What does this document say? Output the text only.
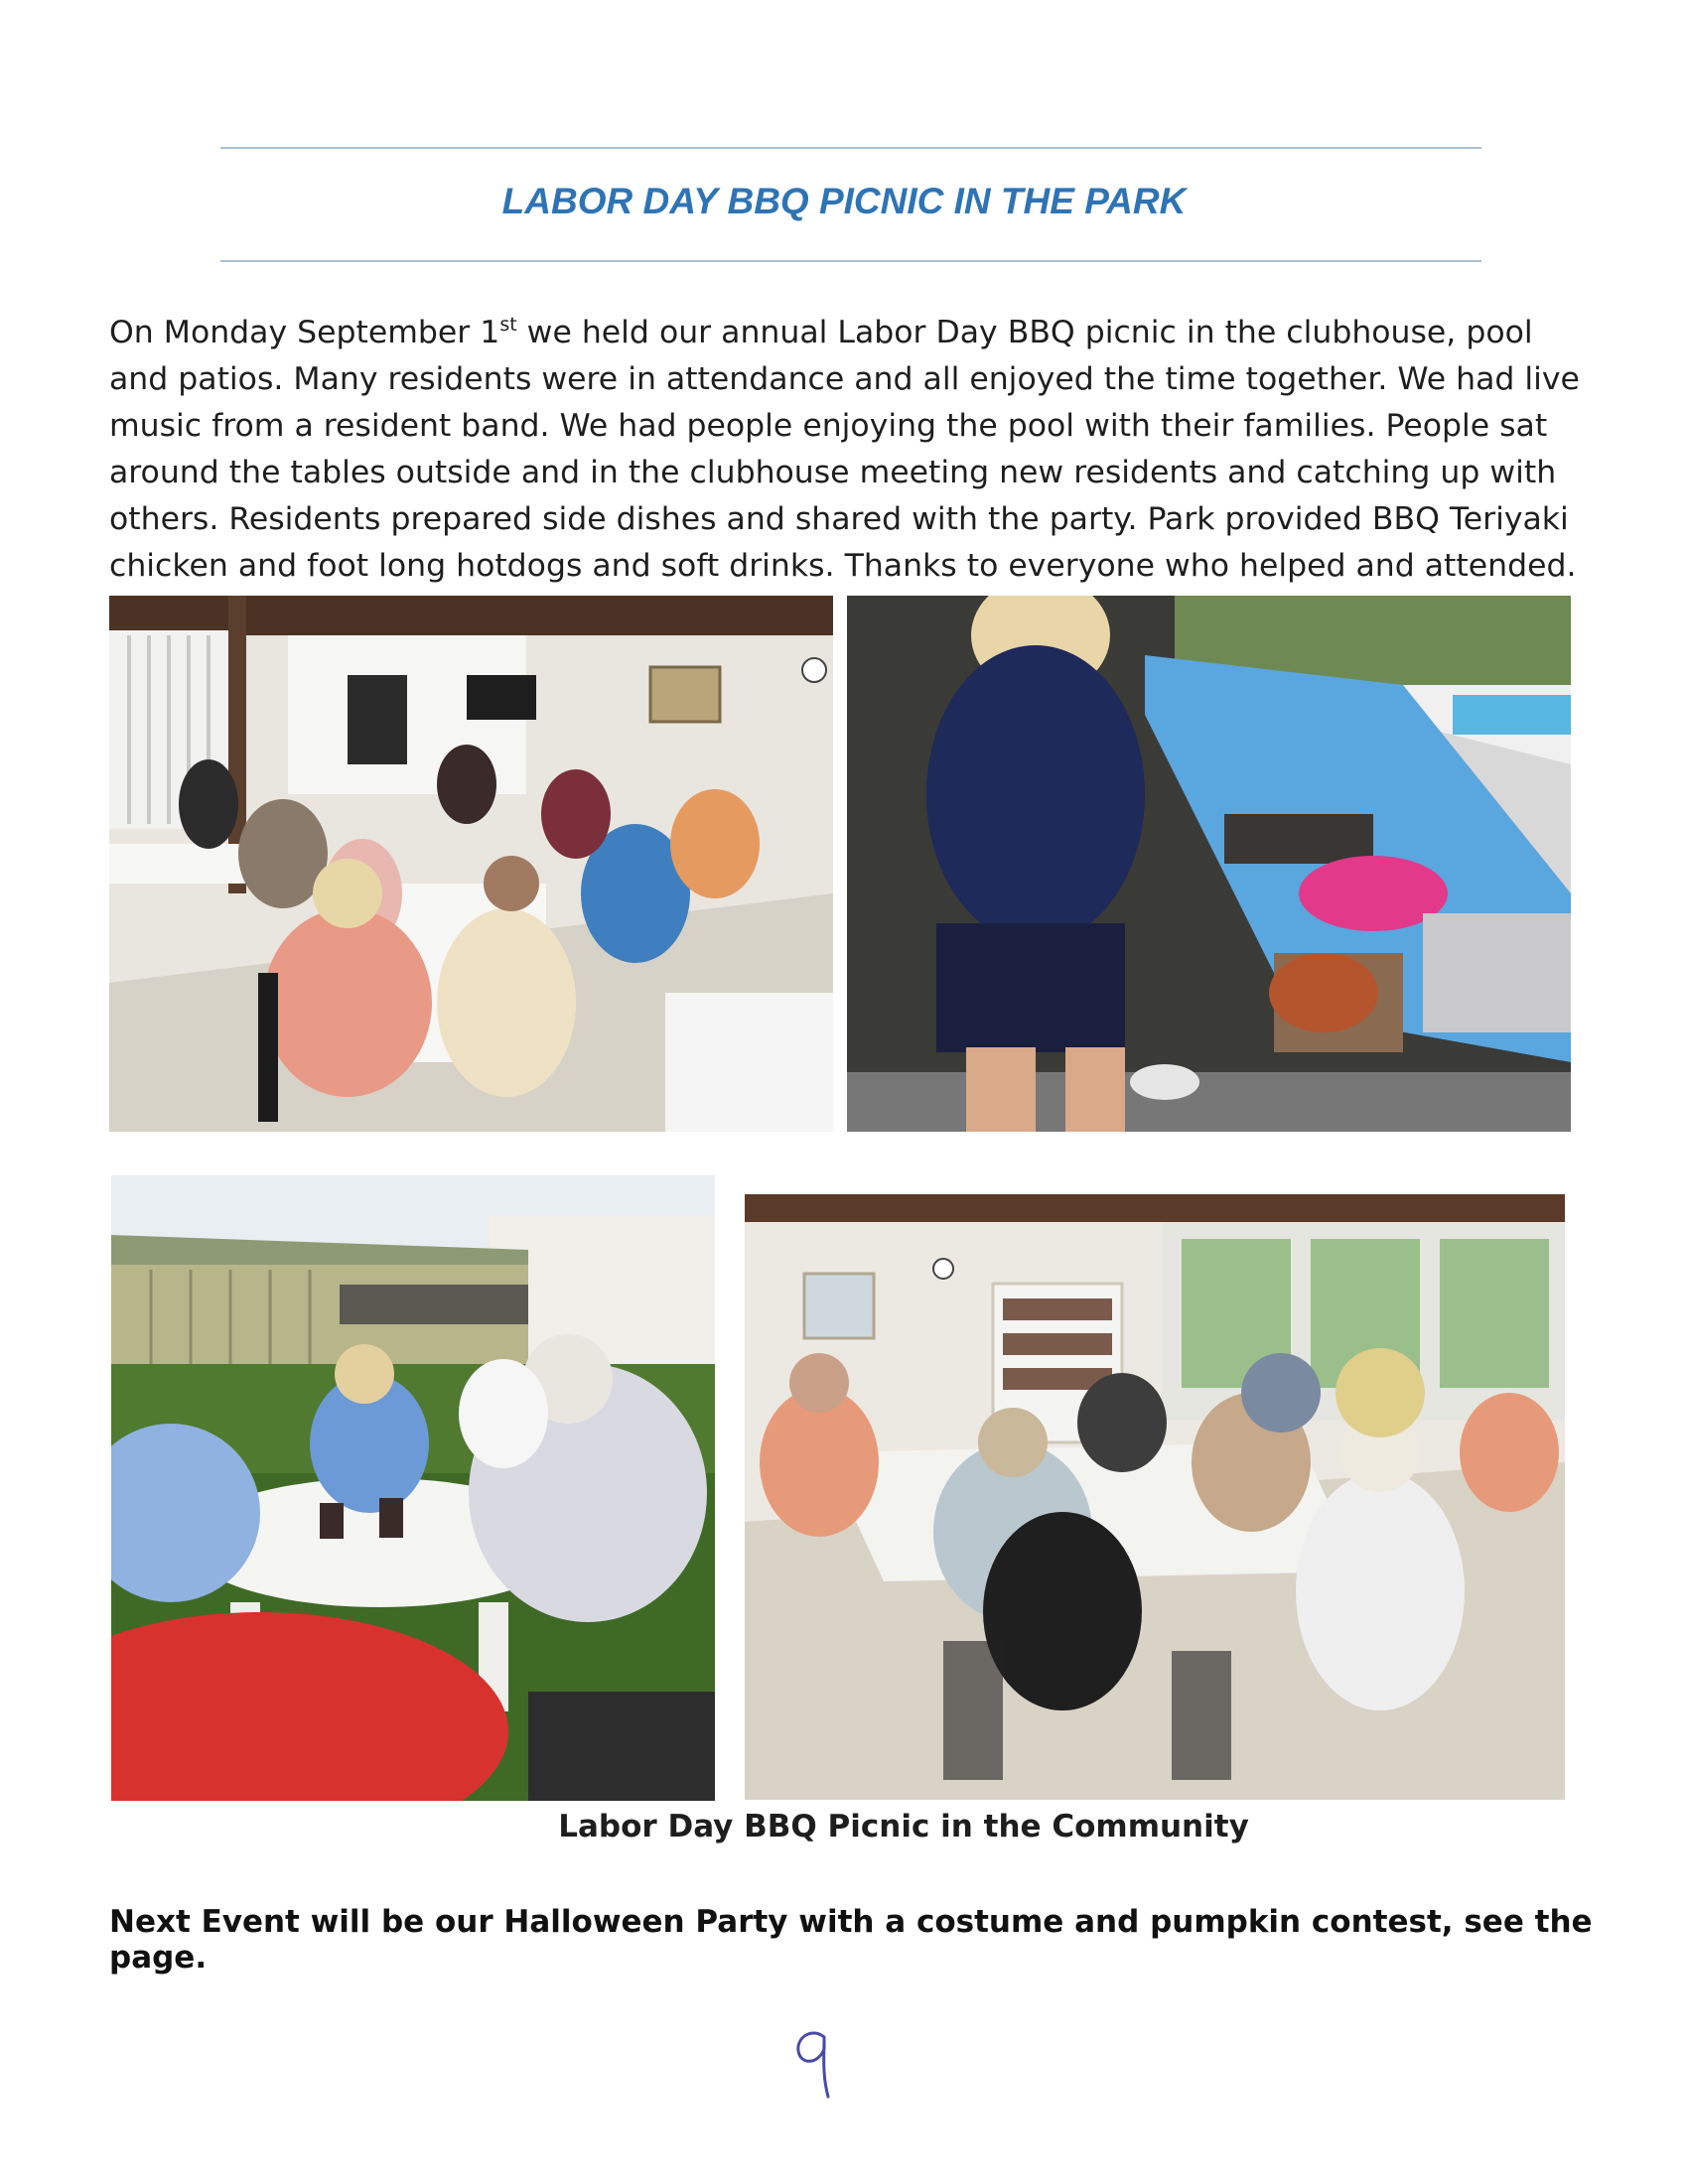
LABOR DAY BBQ PICNIC IN THE PARK
On Monday September 1st we held our annual Labor Day BBQ picnic in the clubhouse, pool and patios. Many residents were in attendance and all enjoyed the time together. We had live music from a resident band. We had people enjoying the pool with their families. People sat around the tables outside and in the clubhouse meeting new residents and catching up with others. Residents prepared side dishes and shared with the party. Park provided BBQ Teriyaki chicken and foot long hotdogs and soft drinks. Thanks to everyone who helped and attended.
Labor Day BBQ Picnic in the Community
Next Event will be our Halloween Party with a costume and pumpkin contest, see the page.
